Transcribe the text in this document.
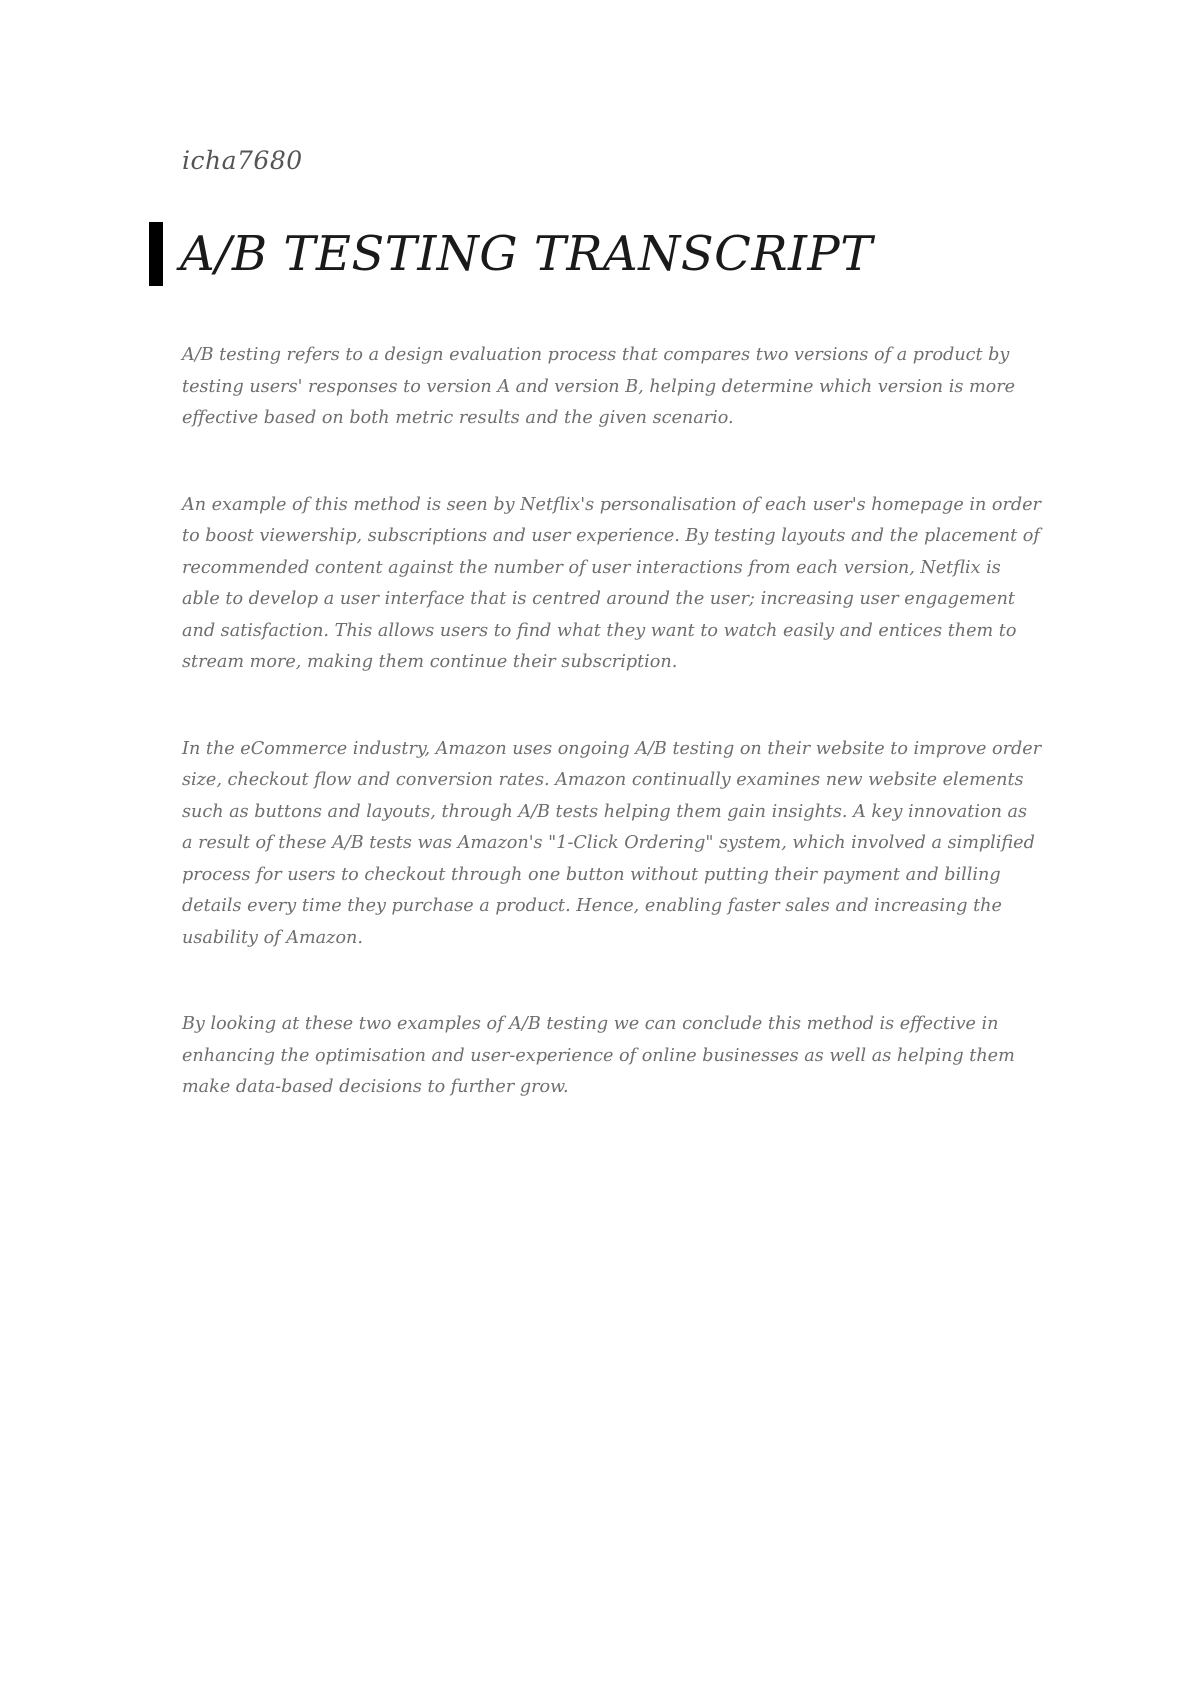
icha7680

A/B TESTING TRANSCRIPT

A/B testing refers to a design evaluation process that compares two versions of a product by testing users' responses to version A and version B, helping determine which version is more effective based on both metric results and the given scenario.

An example of this method is seen by Netflix's personalisation of each user's homepage in order to boost viewership, subscriptions and user experience. By testing layouts and the placement of recommended content against the number of user interactions from each version, Netflix is able to develop a user interface that is centred around the user; increasing user engagement and satisfaction. This allows users to find what they want to watch easily and entices them to stream more, making them continue their subscription.

In the eCommerce industry, Amazon uses ongoing A/B testing on their website to improve order size, checkout flow and conversion rates. Amazon continually examines new website elements such as buttons and layouts, through A/B tests helping them gain insights. A key innovation as a result of these A/B tests was Amazon's "1-Click Ordering" system, which involved a simplified process for users to checkout through one button without putting their payment and billing details every time they purchase a product. Hence, enabling faster sales and increasing the usability of Amazon.

By looking at these two examples of A/B testing we can conclude this method is effective in enhancing the optimisation and user-experience of online businesses as well as helping them make data-based decisions to further grow.
